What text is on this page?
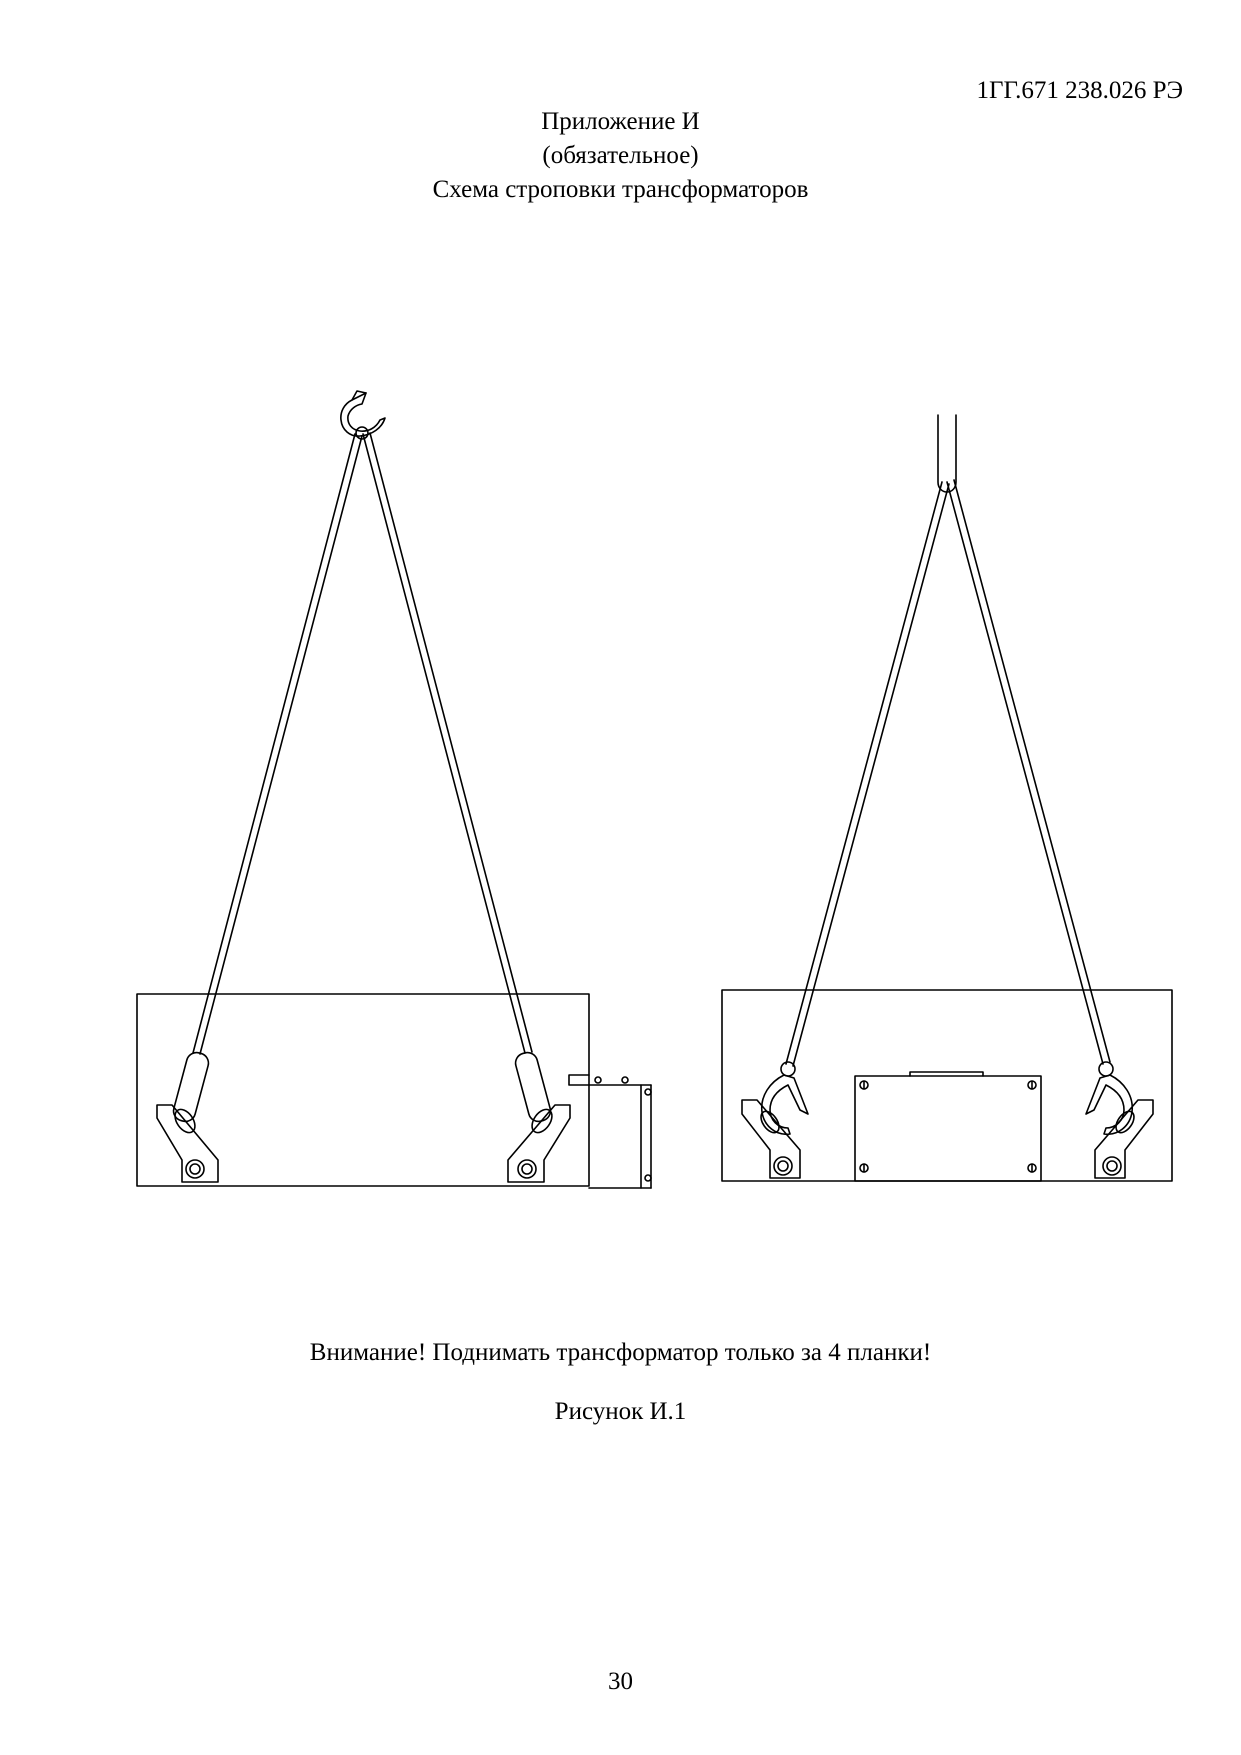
1ГГ.671 238.026 РЭ
Приложение И
(обязательное)
Схема строповки трансформаторов
Внимание! Поднимать трансформатор только за 4 планки!
Рисунок И.1
30
